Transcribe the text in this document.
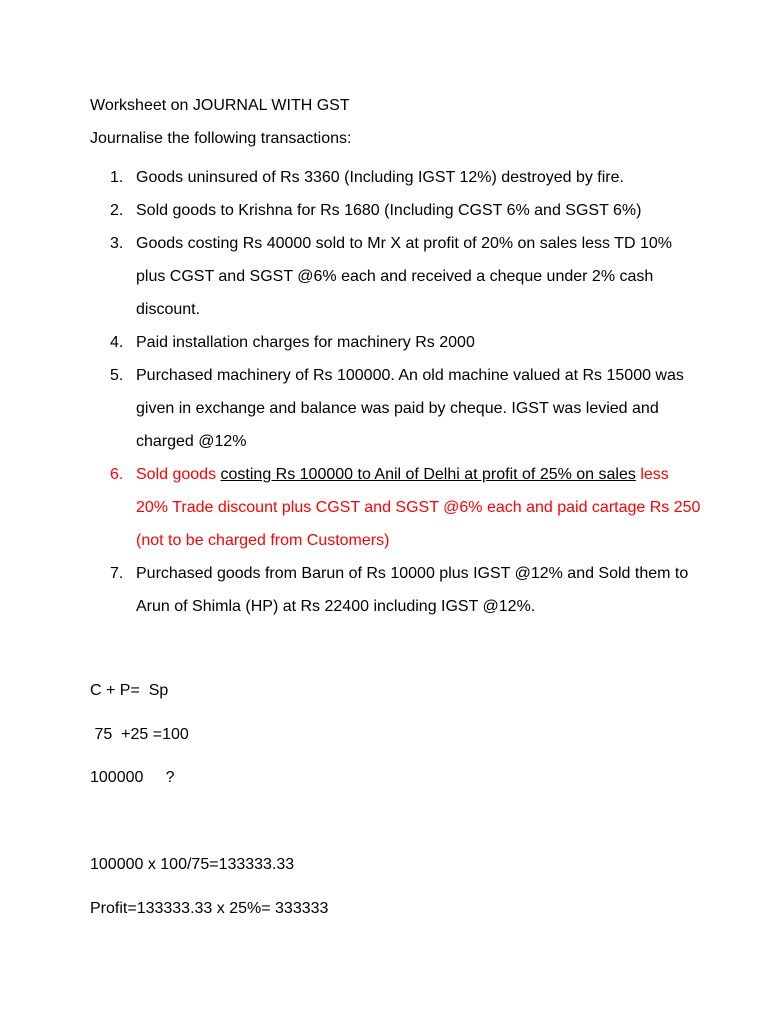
Worksheet on JOURNAL WITH GST
Journalise the following transactions:
1. Goods uninsured of Rs 3360 (Including IGST 12%) destroyed by fire.
2. Sold goods to Krishna for Rs 1680 (Including CGST 6% and SGST 6%)
3. Goods costing Rs 40000 sold to Mr X at profit of 20% on sales less TD 10%
plus CGST and SGST @6% each and received a cheque under 2% cash
discount.
4. Paid installation charges for machinery Rs 2000
5. Purchased machinery of Rs 100000. An old machine valued at Rs 15000 was
given in exchange and balance was paid by cheque. IGST was levied and
charged @12%
6. Sold goods costing Rs 100000 to Anil of Delhi at profit of 25% on sales less
20% Trade discount plus CGST and SGST @6% each and paid cartage Rs 250
(not to be charged from Customers)
7. Purchased goods from Barun of Rs 10000 plus IGST @12% and Sold them to
Arun of Shimla (HP) at Rs 22400 including IGST @12%.
C + P=  Sp
75  +25 =100
100000     ?
100000 x 100/75=133333.33
Profit=133333.33 x 25%= 333333
